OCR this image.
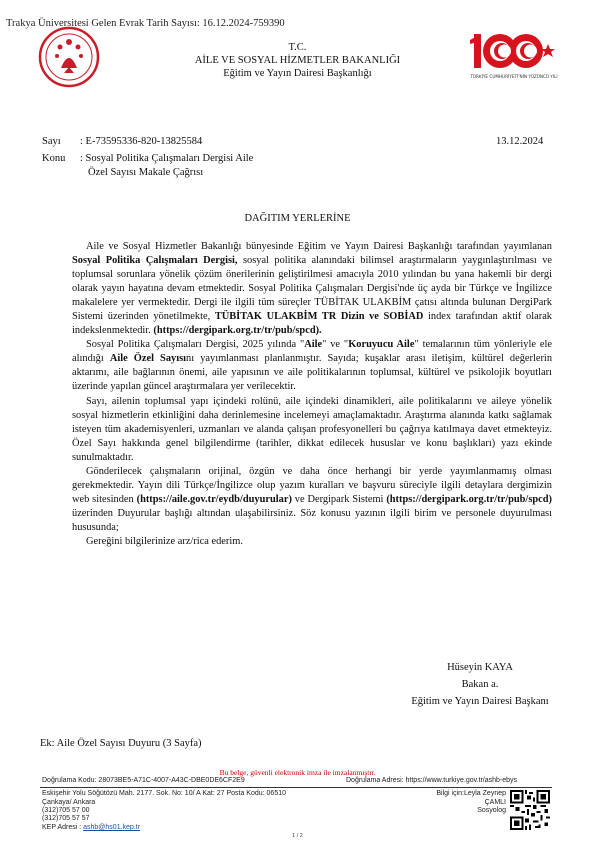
Trakya Üniversitesi Gelen Evrak Tarih Sayısı: 16.12.2024-759390
TÜRKİYE CUMHURİYETİ'NİN YÜZÜNCÜ YILI
T.C.
AİLE VE SOSYAL HİZMETLER BAKANLIĞI
Eğitim ve Yayın Dairesi Başkanlığı
Sayı : E-73595336-820-13825584	13.12.2024
Konu : Sosyal Politika Çalışmaları Dergisi Aile
Özel Sayısı Makale Çağrısı
DAĞITIM YERLERİNE

Aile ve Sosyal Hizmetler Bakanlığı bünyesinde Eğitim ve Yayın Dairesi Başkanlığı tarafından yayımlanan Sosyal Politika Çalışmaları Dergisi, sosyal politika alanındaki bilimsel araştırmaların yaygınlaştırılması ve toplumsal sorunlara yönelik çözüm önerilerinin geliştirilmesi amacıyla 2010 yılından bu yana hakemli bir dergi olarak yayın hayatına devam etmektedir. Sosyal Politika Çalışmaları Dergisi'nde üç ayda bir Türkçe ve İngilizce makalelere yer vermektedir. Dergi ile ilgili tüm süreçler TÜBİTAK ULAKBİM çatısı altında bulunan DergiPark Sistemi üzerinden yönetilmekte, TÜBİTAK ULAKBİM TR Dizin ve SOBİAD index tarafından aktif olarak indekslenmektedir. (https://dergipark.org.tr/tr/pub/spcd).

Sosyal Politika Çalışmaları Dergisi, 2025 yılında "Aile" ve "Koruyucu Aile" temalarının tüm yönleriyle ele alındığı Aile Özel Sayısını yayımlanması planlanmıştır. Sayıda; kuşaklar arası iletişim, kültürel değerlerin aktarımı, aile bağlarının önemi, aile yapısının ve aile politikalarının toplumsal, kültürel ve psikolojik boyutları üzerinde yapılan güncel araştırmalara yer verilecektir.

Sayı, ailenin toplumsal yapı içindeki rolünü, aile içindeki dinamikleri, aile politikalarını ve aileye yönelik sosyal hizmetlerin etkinliğini daha derinlemesine incelemeyi amaçlamaktadır. Araştırma alanında katkı sağlamak isteyen tüm akademisyenleri, uzmanları ve alanda çalışan profesyonelleri bu çağrıya katılmaya davet etmekteyiz. Özel Sayı hakkında genel bilgilendirme (tarihler, dikkat edilecek hususlar ve konu başlıkları) yazı ekinde sunulmaktadır.

Gönderilecek çalışmaların orijinal, özgün ve daha önce herhangi bir yerde yayımlanmamış olması gerekmektedir. Yayın dili Türkçe/İngilizce olup yazım kuralları ve başvuru süreciyle ilgili detaylara dergimizin web sitesinden (https://aile.gov.tr/eydb/duyurular) ve Dergipark Sistemi (https://dergipark.org.tr/tr/pub/spcd) üzerinden Duyurular başlığı altından ulaşabilirsiniz. Söz konusu yazının ilgili birim ve personele duyurulması hususunda;

Gereğini bilgilerinize arz/rica ederim.

Hüseyin KAYA
Bakan a.
Eğitim ve Yayın Dairesi Başkanı
Ek: Aile Özel Sayısı Duyuru (3 Sayfa)
Bu belge, güvenli elektronik imza ile imzalanmıştır.
Doğrulama Kodu: 28073BE5-A71C-4007-A43C-DBE0DE6CF2E9	Doğrulama Adresi: https://www.turkiye.gov.tr/ashb-ebys
Eskişehir Yolu Söğütözü Mah. 2177. Sok. No: 10/ A Kat: 27 Posta Kodu: 06510
Çankaya/ Ankara
(312)705 57 00
(312)705 57 57
KEP Adresi : ashb@hs01.kep.tr
Bilgi için:Leyla Zeynep
ÇAMLI
Sosyolog
1 / 2
